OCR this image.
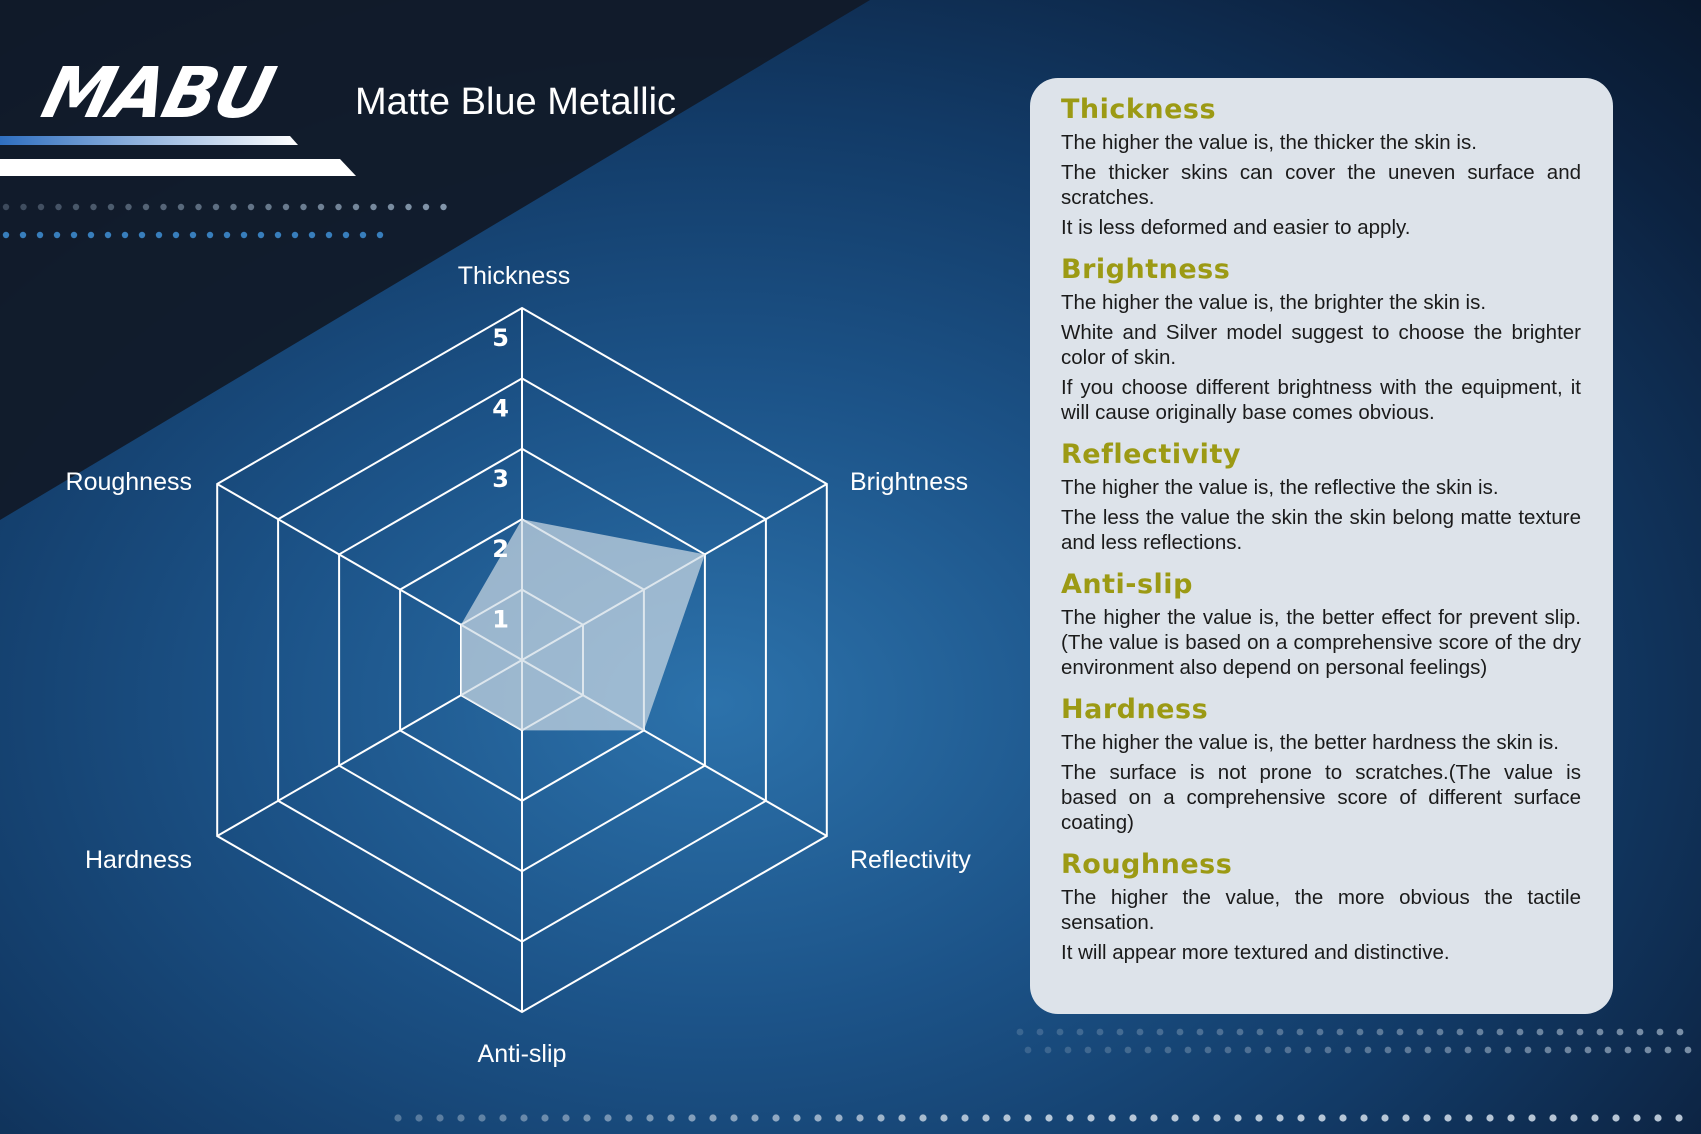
MABU Matte Blue Metallic
1
2
3
4
5
Thickness
Brightness
Reflectivity
Anti-slip
Hardness
Roughness
Thickness

The higher the value is, the thicker the skin is.

The thicker skins can cover the uneven surface and scratches.

It is less deformed and easier to apply.

Brightness

The higher the value is, the brighter the skin is.

White and Silver model suggest to choose the brighter color of skin.

If you choose different brightness with the equipment, it will cause originally base comes obvious.

Reflectivity

The higher the value is, the reflective the skin is.

The less the value the skin the skin belong matte texture and less reflections.

Anti-slip

The higher the value is, the better effect for prevent slip.(The value is based on a comprehensive score of the dry environment also depend on personal feelings)

Hardness

The higher the value is, the better hardness the skin is.

The surface is not prone to scratches.(The value is based on a comprehensive score of different surface coating)

Roughness

The higher the value, the more obvious the tactile sensation.

It will appear more textured and distinctive.
